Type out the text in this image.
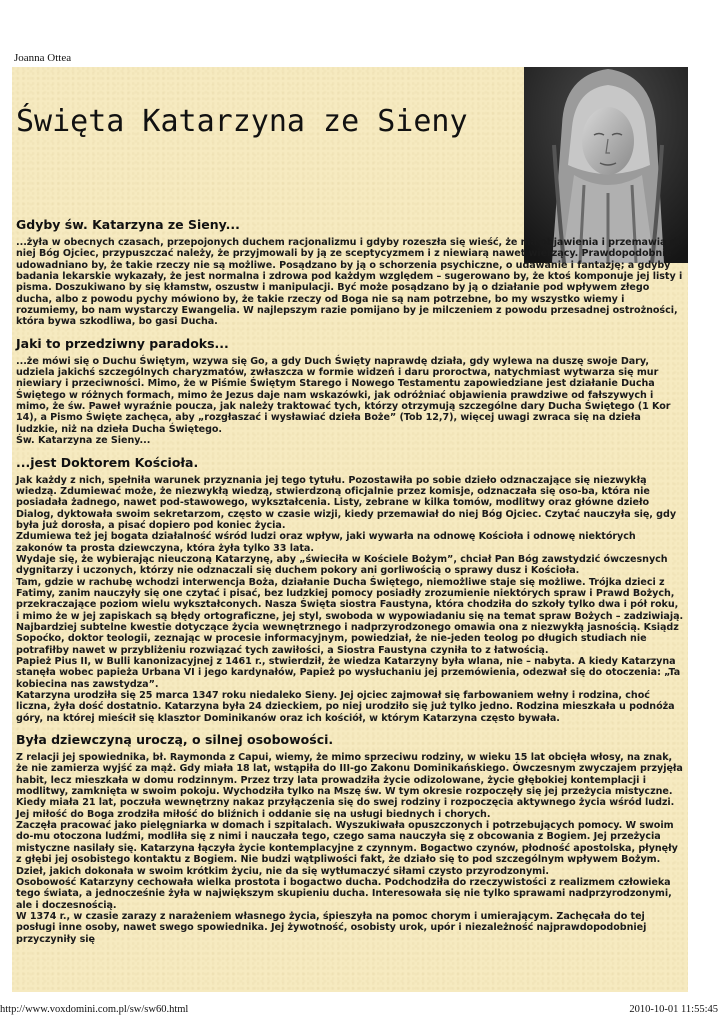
Joanna Ottea
Święta Katarzyna ze Sieny
Gdyby św. Katarzyna ze Sieny...

...żyła w obecnych czasach, przepojonych duchem racjonalizmu i gdyby rozeszła się wieść, że ma objawienia i przemawia do niej Bóg Ojciec, przypuszczać należy, że przyjmowali by ją ze sceptycyzmem i z niewiarą nawet wierzący. Prawdopodobnie udowadniano by, że takie rzeczy nie są możliwe. Posądzano by ją o schorzenia psychiczne, o udawanie i fantazję; a gdyby badania lekarskie wykazały, że jest normalna i zdrowa pod każdym względem – sugerowano by, że ktoś komponuje jej listy i pisma. Doszukiwano by się kłamstw, oszustw i manipulacji. Być może posądzano by ją o działanie pod wpływem złego ducha, albo z powodu pychy mówiono by, że takie rzeczy od Boga nie są nam potrzebne, bo my wszystko wiemy i rozumiemy, bo nam wystarczy Ewangelia. W najlepszym razie pomijano by je milczeniem z powodu przesadnej ostrożności, która bywa szkodliwa, bo gasi Ducha.

Jaki to przedziwny paradoks...

...że mówi się o Duchu Świętym, wzywa się Go, a gdy Duch Święty naprawdę działa, gdy wylewa na duszę swoje Dary, udziela jakichś szczególnych charyzmatów, zwłaszcza w formie widzeń i daru proroctwa, natychmiast wytwarza się mur niewiary i przeciwności. Mimo, że w Piśmie Świętym Starego i Nowego Testamentu zapowiedziane jest działanie Ducha Świętego w różnych formach, mimo że Jezus daje nam wskazówki, jak odróżniać objawienia prawdziwe od fałszywych i mimo, że św. Paweł wyraźnie poucza, jak należy traktować tych, którzy otrzymują szczególne dary Ducha Świętego (1 Kor 14), a Pismo Święte zachęca, aby „rozgłaszać i wysławiać dzieła Boże” (Tob 12,7), więcej uwagi zwraca się na dzieła ludzkie, niż na dzieła Ducha Świętego.
Św. Katarzyna ze Sieny...

...jest Doktorem Kościoła.

Jak każdy z nich, spełniła warunek przyznania jej tego tytułu. Pozostawiła po sobie dzieło odznaczające się niezwykłą wiedzą. Zdumiewać może, że niezwykłą wiedzą, stwierdzoną oficjalnie przez komisje, odznaczała się oso-ba, która nie posiadała żadnego, nawet pod-stawowego, wykształcenia. Listy, zebrane w kilka tomów, modlitwy oraz główne dzieło Dialog, dyktowała swoim sekretarzom, często w czasie wizji, kiedy przemawiał do niej Bóg Ojciec. Czytać nauczyła się, gdy była już dorosła, a pisać dopiero pod koniec życia.
Zdumiewa też jej bogata działalność wśród ludzi oraz wpływ, jaki wywarła na odnowę Kościoła i odnowę niektórych zakonów ta prosta dziewczyna, która żyła tylko 33 lata.
Wydaje się, że wybierając nieuczoną Katarzynę, aby „świeciła w Kościele Bożym”, chciał Pan Bóg zawstydzić ówczesnych dygnitarzy i uczonych, którzy nie odznaczali się duchem pokory ani gorliwością o sprawy dusz i Kościoła.
Tam, gdzie w rachubę wchodzi interwencja Boża, działanie Ducha Świętego, niemożliwe staje się możliwe. Trójka dzieci z Fatimy, zanim nauczyły się one czytać i pisać, bez ludzkiej pomocy posiadły zrozumienie niektórych spraw i Prawd Bożych, przekraczające poziom wielu wykształconych. Nasza Święta siostra Faustyna, która chodziła do szkoły tylko dwa i pół roku, i mimo że w jej zapiskach są błędy ortograficzne, jej styl, swoboda w wypowiadaniu się na temat spraw Bożych – zadziwiają. Najbardziej subtelne kwestie dotyczące życia wewnętrznego i nadprzyrodzonego omawia ona z niezwykłą jasnością. Ksiądz Sopoćko, doktor teologii, zeznając w procesie informacyjnym, powiedział, że nie-jeden teolog po długich studiach nie potrafiłby nawet w przybliżeniu rozwiązać tych zawiłości, a Siostra Faustyna czyniła to z łatwością.
Papież Pius II, w Bulli kanonizacyjnej z 1461 r., stwierdził, że wiedza Katarzyny była wlana, nie – nabyta. A kiedy Katarzyna stanęła wobec papieża Urbana VI i jego kardynałów, Papież po wysłuchaniu jej przemówienia, odezwał się do otoczenia: „Ta kobiecina nas zawstydza”.
Katarzyna urodziła się 25 marca 1347 roku niedaleko Sieny. Jej ojciec zajmował się farbowaniem wełny i rodzina, choć liczna, żyła dość dostatnio. Katarzyna była 24 dzieckiem, po niej urodziło się już tylko jedno. Rodzina mieszkała u podnóża góry, na której mieścił się klasztor Dominikanów oraz ich kościół, w którym Katarzyna często bywała.

Była dziewczyną uroczą, o silnej osobowości.

Z relacji jej spowiednika, bł. Raymonda z Capui, wiemy, że mimo sprzeciwu rodziny, w wieku 15 lat obcięła włosy, na znak, że nie zamierza wyjść za mąż. Gdy miała 18 lat, wstąpiła do III-go Zakonu Dominikańskiego. Ówczesnym zwyczajem przyjęła habit, lecz mieszkała w domu rodzinnym. Przez trzy lata prowadziła życie odizolowane, życie głębokiej kontemplacji i modlitwy, zamknięta w swoim pokoju. Wychodziła tylko na Mszę św. W tym okresie rozpoczęły się jej przeżycia mistyczne. Kiedy miała 21 lat, poczuła wewnętrzny nakaz przyłączenia się do swej rodziny i rozpoczęcia aktywnego życia wśród ludzi. Jej miłość do Boga zrodziła miłość do bliźnich i oddanie się na usługi biednych i chorych.
Zaczęła pracować jako pielęgniarka w domach i szpitalach. Wyszukiwała opuszczonych i potrzebujących pomocy. W swoim do-mu otoczona ludźmi, modliła się z nimi i nauczała tego, czego sama nauczyła się z obcowania z Bogiem. Jej przeżycia mistyczne nasilały się. Katarzyna łączyła życie kontemplacyjne z czynnym. Bogactwo czynów, płodność apostolska, płynęły z głębi jej osobistego kontaktu z Bogiem. Nie budzi wątpliwości fakt, że działo się to pod szczególnym wpływem Bożym. Dzieł, jakich dokonała w swoim krótkim życiu, nie da się wytłumaczyć siłami czysto przyrodzonymi.
Osobowość Katarzyny cechowała wielka prostota i bogactwo ducha. Podchodziła do rzeczywistości z realizmem człowieka tego świata, a jednocześnie żyła w największym skupieniu ducha. Interesowała się nie tylko sprawami nadprzyrodzonymi, ale i doczesnością.
W 1374 r., w czasie zarazy z narażeniem własnego życia, śpieszyła na pomoc chorym i umierającym. Zachęcała do tej posługi inne osoby, nawet swego spowiednika. Jej żywotność, osobisty urok, upór i niezależność najprawdopodobniej przyczyniły się

http://www.voxdomini.com.pl/sw/sw60.html	2010-10-01 11:55:45
